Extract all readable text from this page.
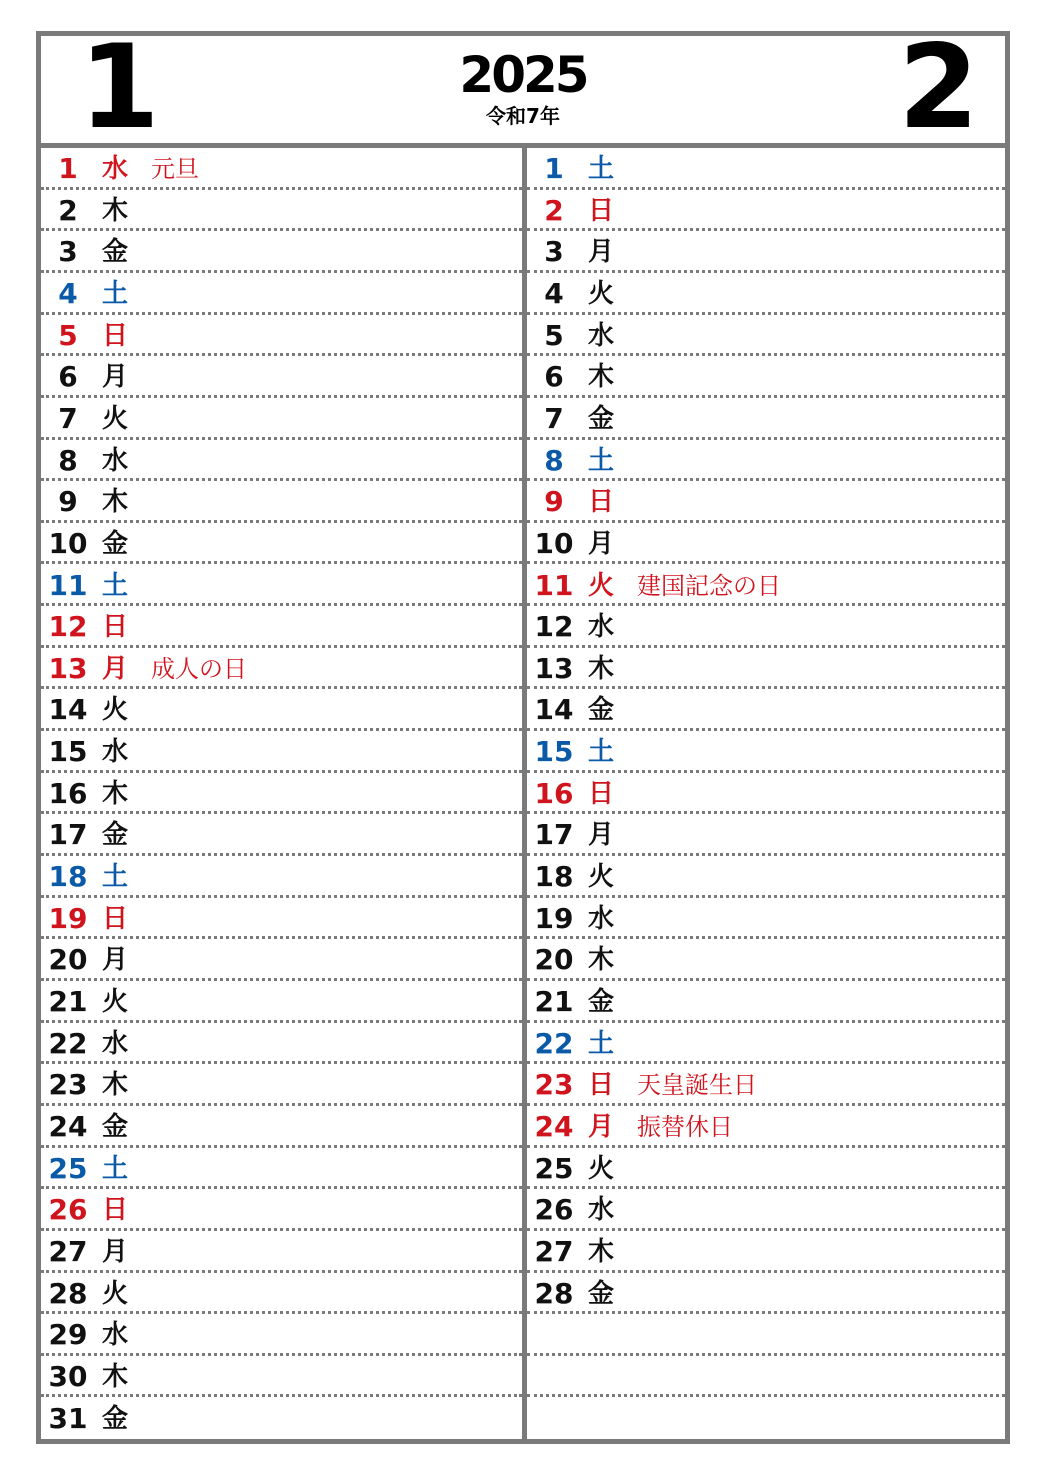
1	2025
令和7年	2
1 水 元旦
2 木
3 金
4 土
5 日
6 月
7 火
8 水
9 木
10 金
11 土
12 日
13 月 成人の日
14 火
15 水
16 木
17 金
18 土
19 日
20 月
21 火
22 水
23 木
24 金
25 土
26 日
27 月
28 火
29 水
30 木
31 金
1 土
2 日
3 月
4 火
5 水
6 木
7 金
8 土
9 日
10 月
11 火 建国記念の日
12 水
13 木
14 金
15 土
16 日
17 月
18 火
19 水
20 木
21 金
22 土
23 日 天皇誕生日
24 月 振替休日
25 火
26 水
27 木
28 金
